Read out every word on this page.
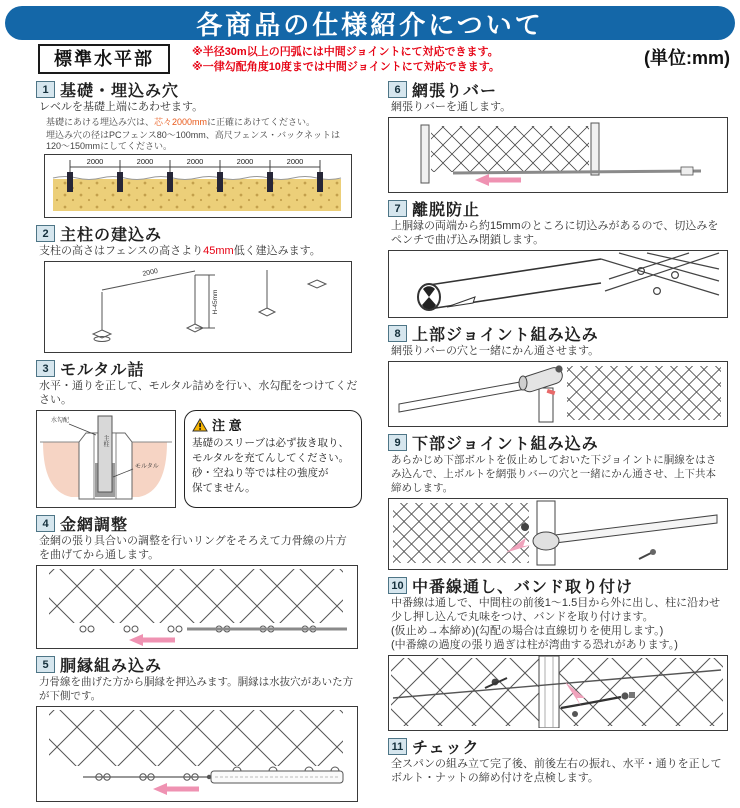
各商品の仕様紹介について
標準水平部	※半径30m以上の円弧には中間ジョイントにて対応できます。
※一律勾配角度10度までは中間ジョイントにて対応できます。	(単位:mm)
1 基礎・埋込み穴
レベルを基礎上端にあわせます。
基礎にあける埋込み穴は、芯々2000mmに正確にあけてください。
埋込み穴の径はPCフェンス80〜100mm、高尺フェンス・バックネットは120〜150mmにしてください。
2000	2000	2000	2000	2000
2 主柱の建込み
支柱の高さはフェンスの高さより45mm低く建込みます。
2000
H-45mm
3 モルタル詰
水平・通りを正して、モルタル詰めを行い、水勾配をつけてください。
水勾配
主柱
モルタル
注 意
基礎のスリーブは必ず抜き取り、
モルタルを充てんしてください。
砂・空ねり等では柱の強度が
保てません。
4 金網調整
金網の張り具合いの調整を行いリングをそろえて力骨線の片方を曲げてから通します。
5 胴縁組み込み
力骨線を曲げた方から胴縁を押込みます。胴縁は水抜穴があいた方が下側です。
6 網張りバー
網張りバーを通します。
7 離脱防止
上胴縁の両端から約15mmのところに切込みがあるので、切込みをペンチで曲げ込み閉鎖します。
8 上部ジョイント組み込み
網張りバーの穴と一緒にかん通させます。
9 下部ジョイント組み込み
あらかじめ下部ボルトを仮止めしておいた下ジョイントに胴線をはさみ込んで、上ボルトを網張りバーの穴と一緒にかん通させ、上下共本締めします。
10 中番線通し、バンド取り付け
中番線は通しで、中間柱の前後1〜1.5目から外に出し、柱に沿わせ
少し押し込んで丸味をつけ、バンドを取り付けます。
(仮止め→本締め)(勾配の場合は直線切りを使用します。)
(中番線の過度の張り過ぎは柱が湾曲する恐れがあります。)
11 チェック
全スパンの組み立て完了後、前後左右の振れ、水平・通りを正してボルト・ナットの締め付けを点検します。
